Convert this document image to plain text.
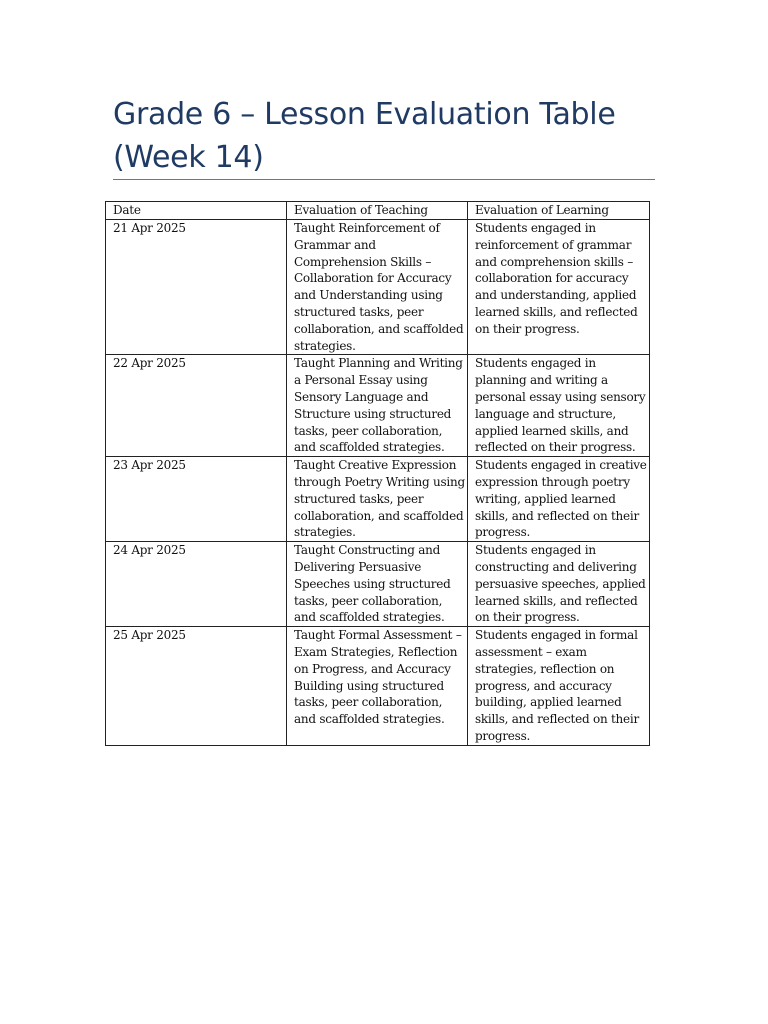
Grade 6 – Lesson Evaluation Table (Week 14)
Date	Evaluation of Teaching	Evaluation of Learning
21 Apr 2025	Taught Reinforcement of Grammar and Comprehension Skills – Collaboration for Accuracy and Understanding using structured tasks, peer collaboration, and scaffolded strategies.	Students engaged in reinforcement of grammar and comprehension skills – collaboration for accuracy and understanding, applied learned skills, and reflected on their progress.
22 Apr 2025	Taught Planning and Writing a Personal Essay using Sensory Language and Structure using structured tasks, peer collaboration, and scaffolded strategies.	Students engaged in planning and writing a personal essay using sensory language and structure, applied learned skills, and reflected on their progress.
23 Apr 2025	Taught Creative Expression through Poetry Writing using structured tasks, peer collaboration, and scaffolded strategies.	Students engaged in creative expression through poetry writing, applied learned skills, and reflected on their progress.
24 Apr 2025	Taught Constructing and Delivering Persuasive Speeches using structured tasks, peer collaboration, and scaffolded strategies.	Students engaged in constructing and delivering persuasive speeches, applied learned skills, and reflected on their progress.
25 Apr 2025	Taught Formal Assessment – Exam Strategies, Reflection on Progress, and Accuracy Building using structured tasks, peer collaboration, and scaffolded strategies.	Students engaged in formal assessment – exam strategies, reflection on progress, and accuracy building, applied learned skills, and reflected on their progress.
